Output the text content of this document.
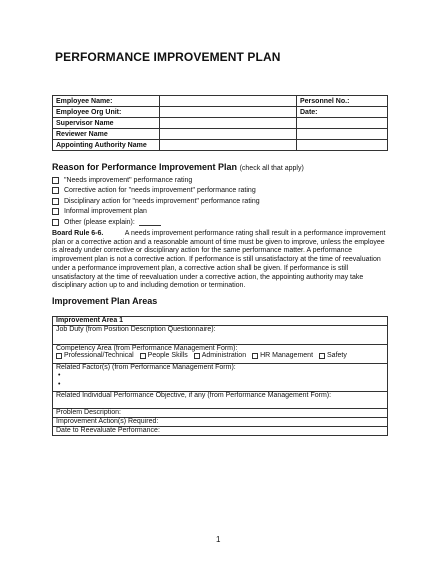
PERFORMANCE IMPROVEMENT PLAN
Employee Name:		Personnel No.:
Employee Org Unit:		Date:
Supervisor Name		
Reviewer Name		
Appointing Authority Name		
Reason for Performance Improvement Plan (check all that apply)
"Needs improvement" performance rating
Corrective action for "needs improvement" performance rating
Disciplinary action for "needs improvement" performance rating
Informal improvement plan
Other (please explain):

Board Rule 6-6.	A needs improvement performance rating shall result in a performance improvement plan or a corrective action and a reasonable amount of time must be given to improve, unless the employee is already under corrective or disciplinary action for the same performance matter. A performance improvement plan is not a corrective action. If performance is still unsatisfactory at the time of reevaluation under a performance improvement plan, a corrective action shall be given. If performance is still unsatisfactory at the time of reevaluation under a corrective action, the appointing authority may take disciplinary action up to and including demotion or termination.
Improvement Plan Areas
Improvement Area 1
Job Duty (from Position Description Questionnaire):

Competency Area (from Performance Management Form):
Professional/Technical People Skills Administration HR Management Safety

Related Factor(s) (from Performance Management Form):
•
•

Related Individual Performance Objective, if any (from Performance Management Form):
Problem Description:
Improvement Action(s) Required:
Date to Reevaluate Performance:
1
